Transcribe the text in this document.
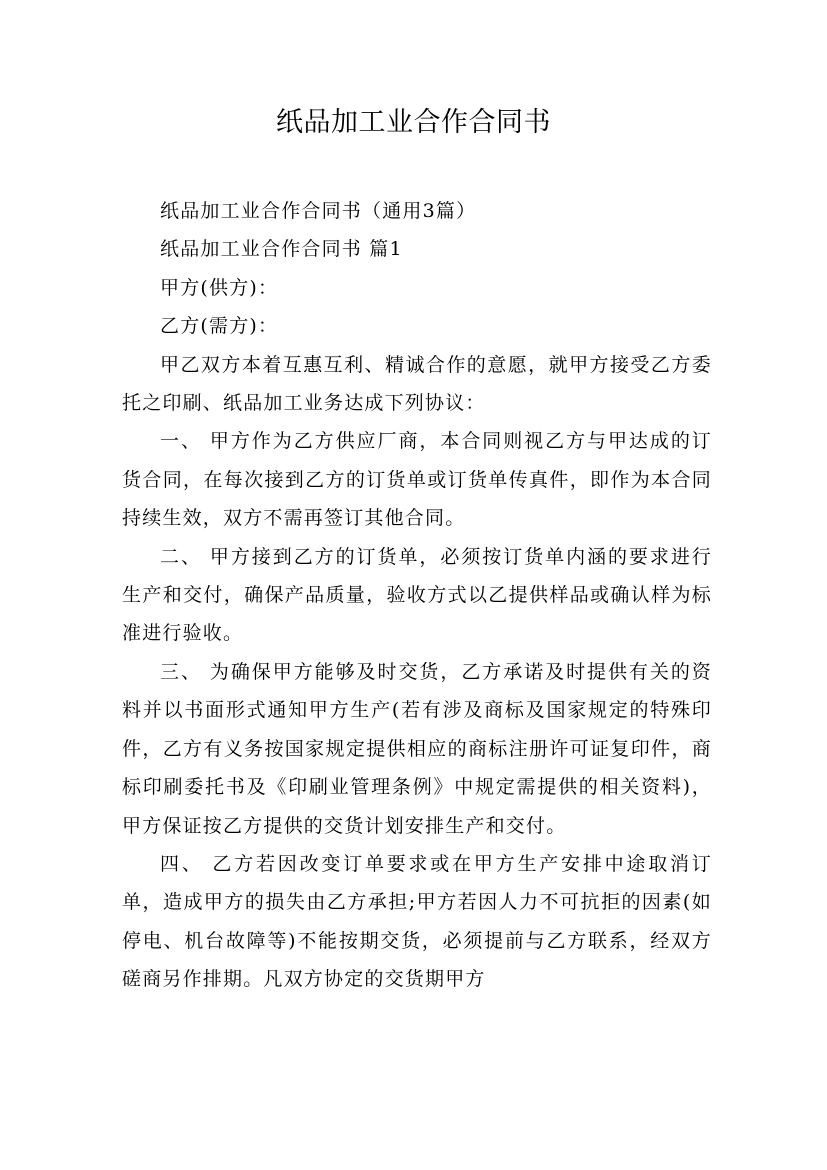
纸品加工业合作合同书

纸品加工业合作合同书（通用3篇）

纸品加工业合作合同书 篇1

甲方(供方)：

乙方(需方)：

甲乙双方本着互惠互利、精诚合作的意愿，就甲方接受乙方委托之印刷、纸品加工业务达成下列协议：

一、 甲方作为乙方供应厂商，本合同则视乙方与甲达成的订货合同，在每次接到乙方的订货单或订货单传真件，即作为本合同持续生效，双方不需再签订其他合同。

二、 甲方接到乙方的订货单，必须按订货单内涵的要求进行生产和交付，确保产品质量，验收方式以乙提供样品或确认样为标准进行验收。

三、 为确保甲方能够及时交货，乙方承诺及时提供有关的资料并以书面形式通知甲方生产(若有涉及商标及国家规定的特殊印件，乙方有义务按国家规定提供相应的商标注册许可证复印件，商标印刷委托书及《印刷业管理条例》中规定需提供的相关资料)，甲方保证按乙方提供的交货计划安排生产和交付。

四、 乙方若因改变订单要求或在甲方生产安排中途取消订单，造成甲方的损失由乙方承担;甲方若因人力不可抗拒的因素(如停电、机台故障等)不能按期交货，必须提前与乙方联系，经双方磋商另作排期。凡双方协定的交货期甲方
